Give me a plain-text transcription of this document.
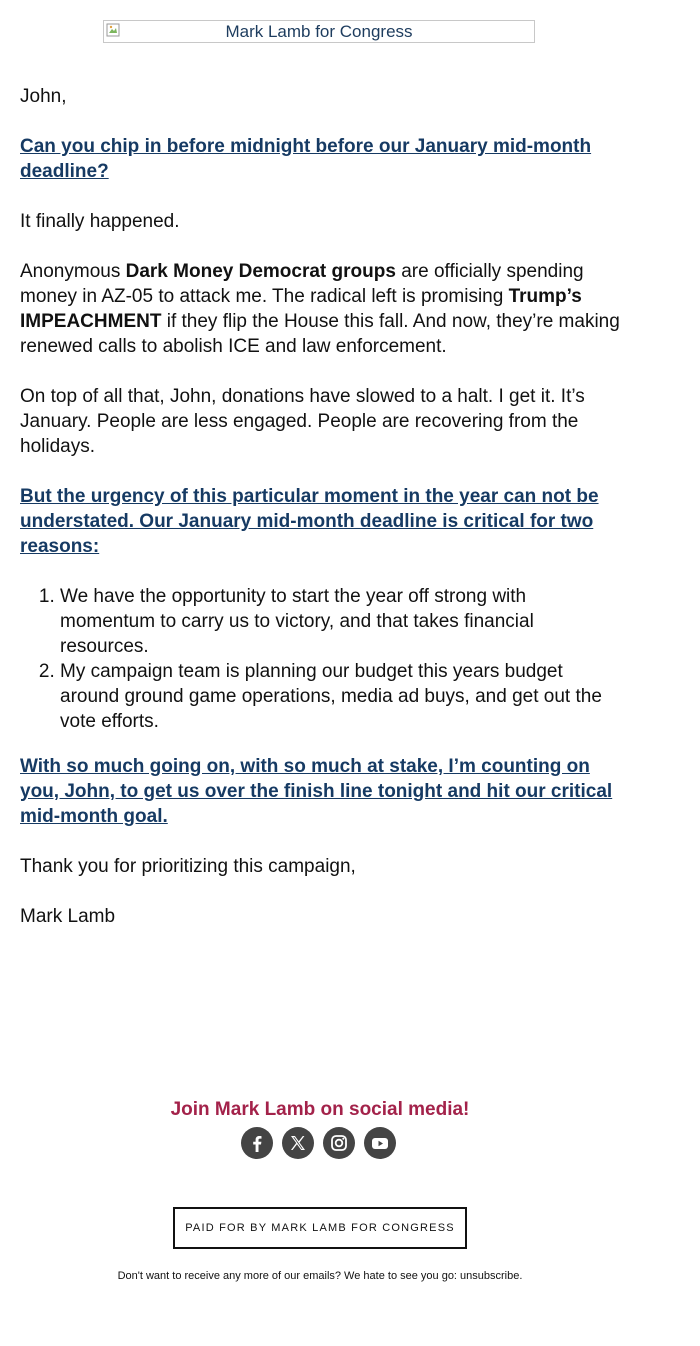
Mark Lamb for Congress

John,

Can you chip in before midnight before our January mid-month deadline?

It finally happened.

Anonymous Dark Money Democrat groups are officially spending money in AZ-05 to attack me. The radical left is promising Trump’s IMPEACHMENT if they flip the House this fall. And now, they’re making renewed calls to abolish ICE and law enforcement.

On top of all that, John, donations have slowed to a halt. I get it. It’s January. People are less engaged. People are recovering from the holidays.

But the urgency of this particular moment in the year can not be understated. Our January mid-month deadline is critical for two reasons:

1. We have the opportunity to start the year off strong with momentum to carry us to victory, and that takes financial resources.
2. My campaign team is planning our budget this years budget around ground game operations, media ad buys, and get out the vote efforts.

With so much going on, with so much at stake, I’m counting on you, John, to get us over the finish line tonight and hit our critical mid-month goal.

Thank you for prioritizing this campaign,

Mark Lamb

Join Mark Lamb on social media!
PAID FOR BY MARK LAMB FOR CONGRESS
Don't want to receive any more of our emails? We hate to see you go: unsubscribe.
